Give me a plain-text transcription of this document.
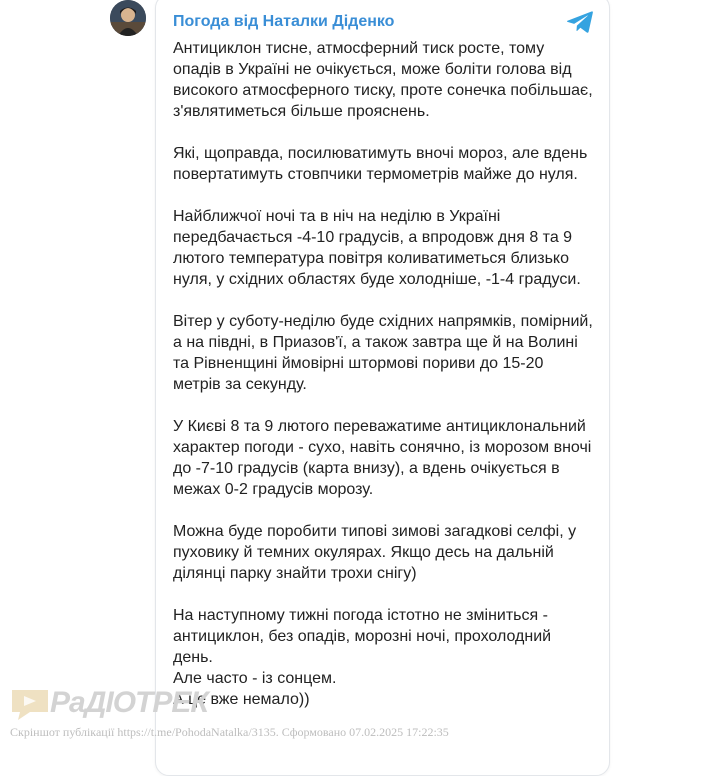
Погода від Наталки Діденко
Антициклон тисне, атмосферний тиск росте, тому опадів в Україні не очікується, може боліти голова від високого атмосферного тиску, проте сонечка побільшає, з'являтиметься більше прояснень.
Які, щоправда, посилюватимуть вночі мороз, але вдень повертатимуть стовпчики термометрів майже до нуля.
Найближчої ночі та в ніч на неділю в Україні передбачається -4-10 градусів, а впродовж дня 8 та 9 лютого температура повітря коливатиметься близько нуля, у східних областях буде холодніше, -1-4 градуси.
Вітер у суботу-неділю буде східних напрямків, помірний, а на півдні, в Приазов'ї, а також завтра ще й на Волині та Рівненщині ймовірні штормові пориви до 15-20 метрів за секунду.
У Києві 8 та 9 лютого переважатиме антициклональний характер погоди - сухо, навіть сонячно, із морозом вночі до -7-10 градусів (карта внизу), а вдень очікується в межах 0-2 градусів морозу.
Можна буде поробити типові зимові загадкові селфі, у пуховику й темних окулярах. Якщо десь на дальній ділянці парку знайти трохи снігу)
На наступному тижні погода істотно не зміниться - антициклон, без опадів, морозні ночі, прохолодний день.
Але часто - із сонцем.
А це вже немало))
РаДІОТРЕК
Скріншот публікації https://t.me/PohodaNatalka/3135. Сформовано 07.02.2025 17:22:35
